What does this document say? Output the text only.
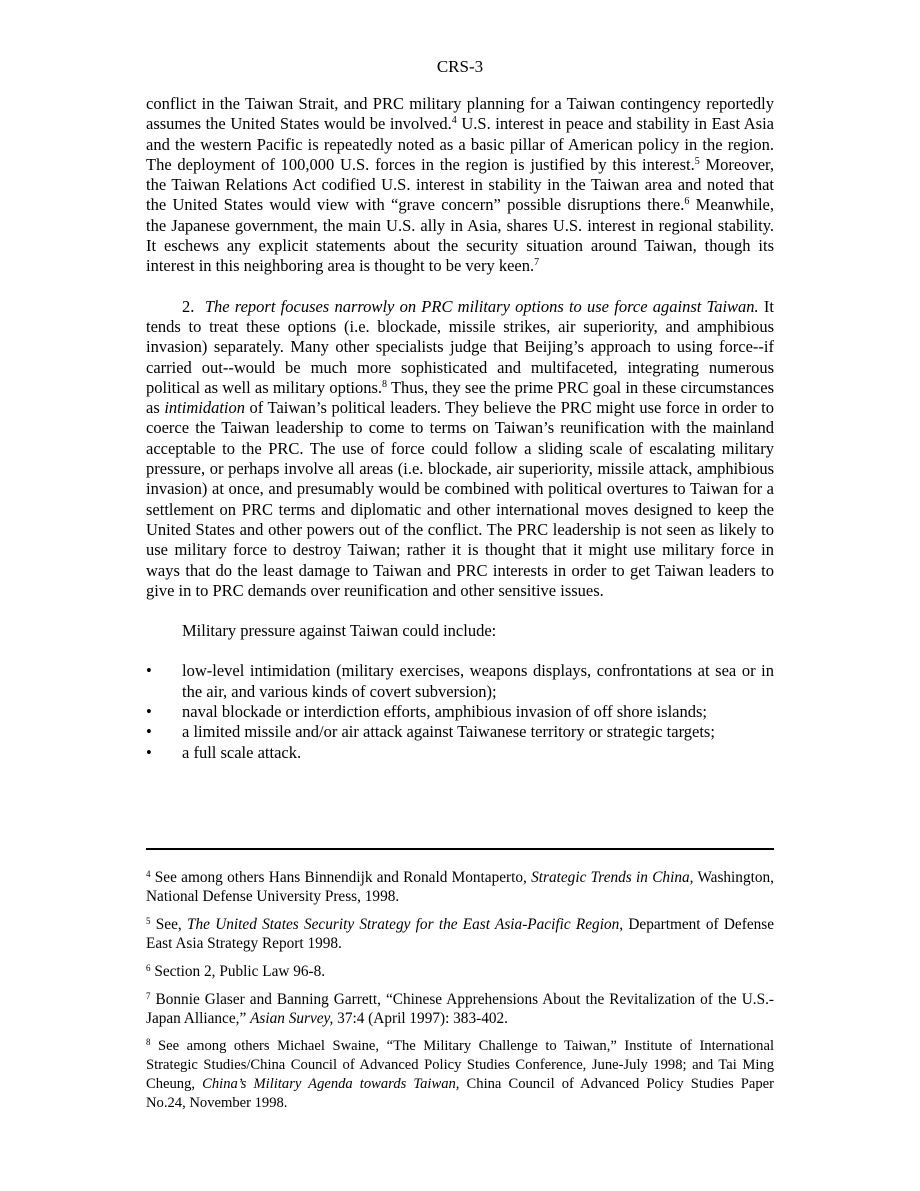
CRS-3

conflict in the Taiwan Strait, and PRC military planning for a Taiwan contingency reportedly assumes the United States would be involved.$^4$ U.S. interest in peace and stability in East Asia and the western Pacific is repeatedly noted as a basic pillar of American policy in the region. The deployment of 100,000 U.S. forces in the region is justified by this interest.$^5$ Moreover, the Taiwan Relations Act codified U.S. interest in stability in the Taiwan area and noted that the United States would view with “grave concern” possible disruptions there.$^6$ Meanwhile, the Japanese government, the main U.S. ally in Asia, shares U.S. interest in regional stability. It eschews any explicit statements about the security situation around Taiwan, though its interest in this neighboring area is thought to be very keen.$^7$

2. The report focuses narrowly on PRC military options to use force against Taiwan. It tends to treat these options (i.e. blockade, missile strikes, air superiority, and amphibious invasion) separately. Many other specialists judge that Beijing’s approach to using force--if carried out--would be much more sophisticated and multifaceted, integrating numerous political as well as military options.$^8$ Thus, they see the prime PRC goal in these circumstances as intimidation of Taiwan’s political leaders. They believe the PRC might use force in order to coerce the Taiwan leadership to come to terms on Taiwan’s reunification with the mainland acceptable to the PRC. The use of force could follow a sliding scale of escalating military pressure, or perhaps involve all areas (i.e. blockade, air superiority, missile attack, amphibious invasion) at once, and presumably would be combined with political overtures to Taiwan for a settlement on PRC terms and diplomatic and other international moves designed to keep the United States and other powers out of the conflict. The PRC leadership is not seen as likely to use military force to destroy Taiwan; rather it is thought that it might use military force in ways that do the least damage to Taiwan and PRC interests in order to get Taiwan leaders to give in to PRC demands over reunification and other sensitive issues.

Military pressure against Taiwan could include:

• low-level intimidation (military exercises, weapons displays, confrontations at sea or in the air, and various kinds of covert subversion);
• naval blockade or interdiction efforts, amphibious invasion of off shore islands;
• a limited missile and/or air attack against Taiwanese territory or strategic targets;
• a full scale attack.

$^4$ See among others Hans Binnendijk and Ronald Montaperto, Strategic Trends in China, Washington, National Defense University Press, 1998.

$^5$ See, The United States Security Strategy for the East Asia-Pacific Region, Department of Defense East Asia Strategy Report 1998.

$^6$ Section 2, Public Law 96-8.

$^7$ Bonnie Glaser and Banning Garrett, “Chinese Apprehensions About the Revitalization of the U.S.-Japan Alliance,” Asian Survey, 37:4 (April 1997): 383-402.

$^8$ See among others Michael Swaine, “The Military Challenge to Taiwan,” Institute of International Strategic Studies/China Council of Advanced Policy Studies Conference, June-July 1998; and Tai Ming Cheung, China’s Military Agenda towards Taiwan, China Council of Advanced Policy Studies Paper No.24, November 1998.
